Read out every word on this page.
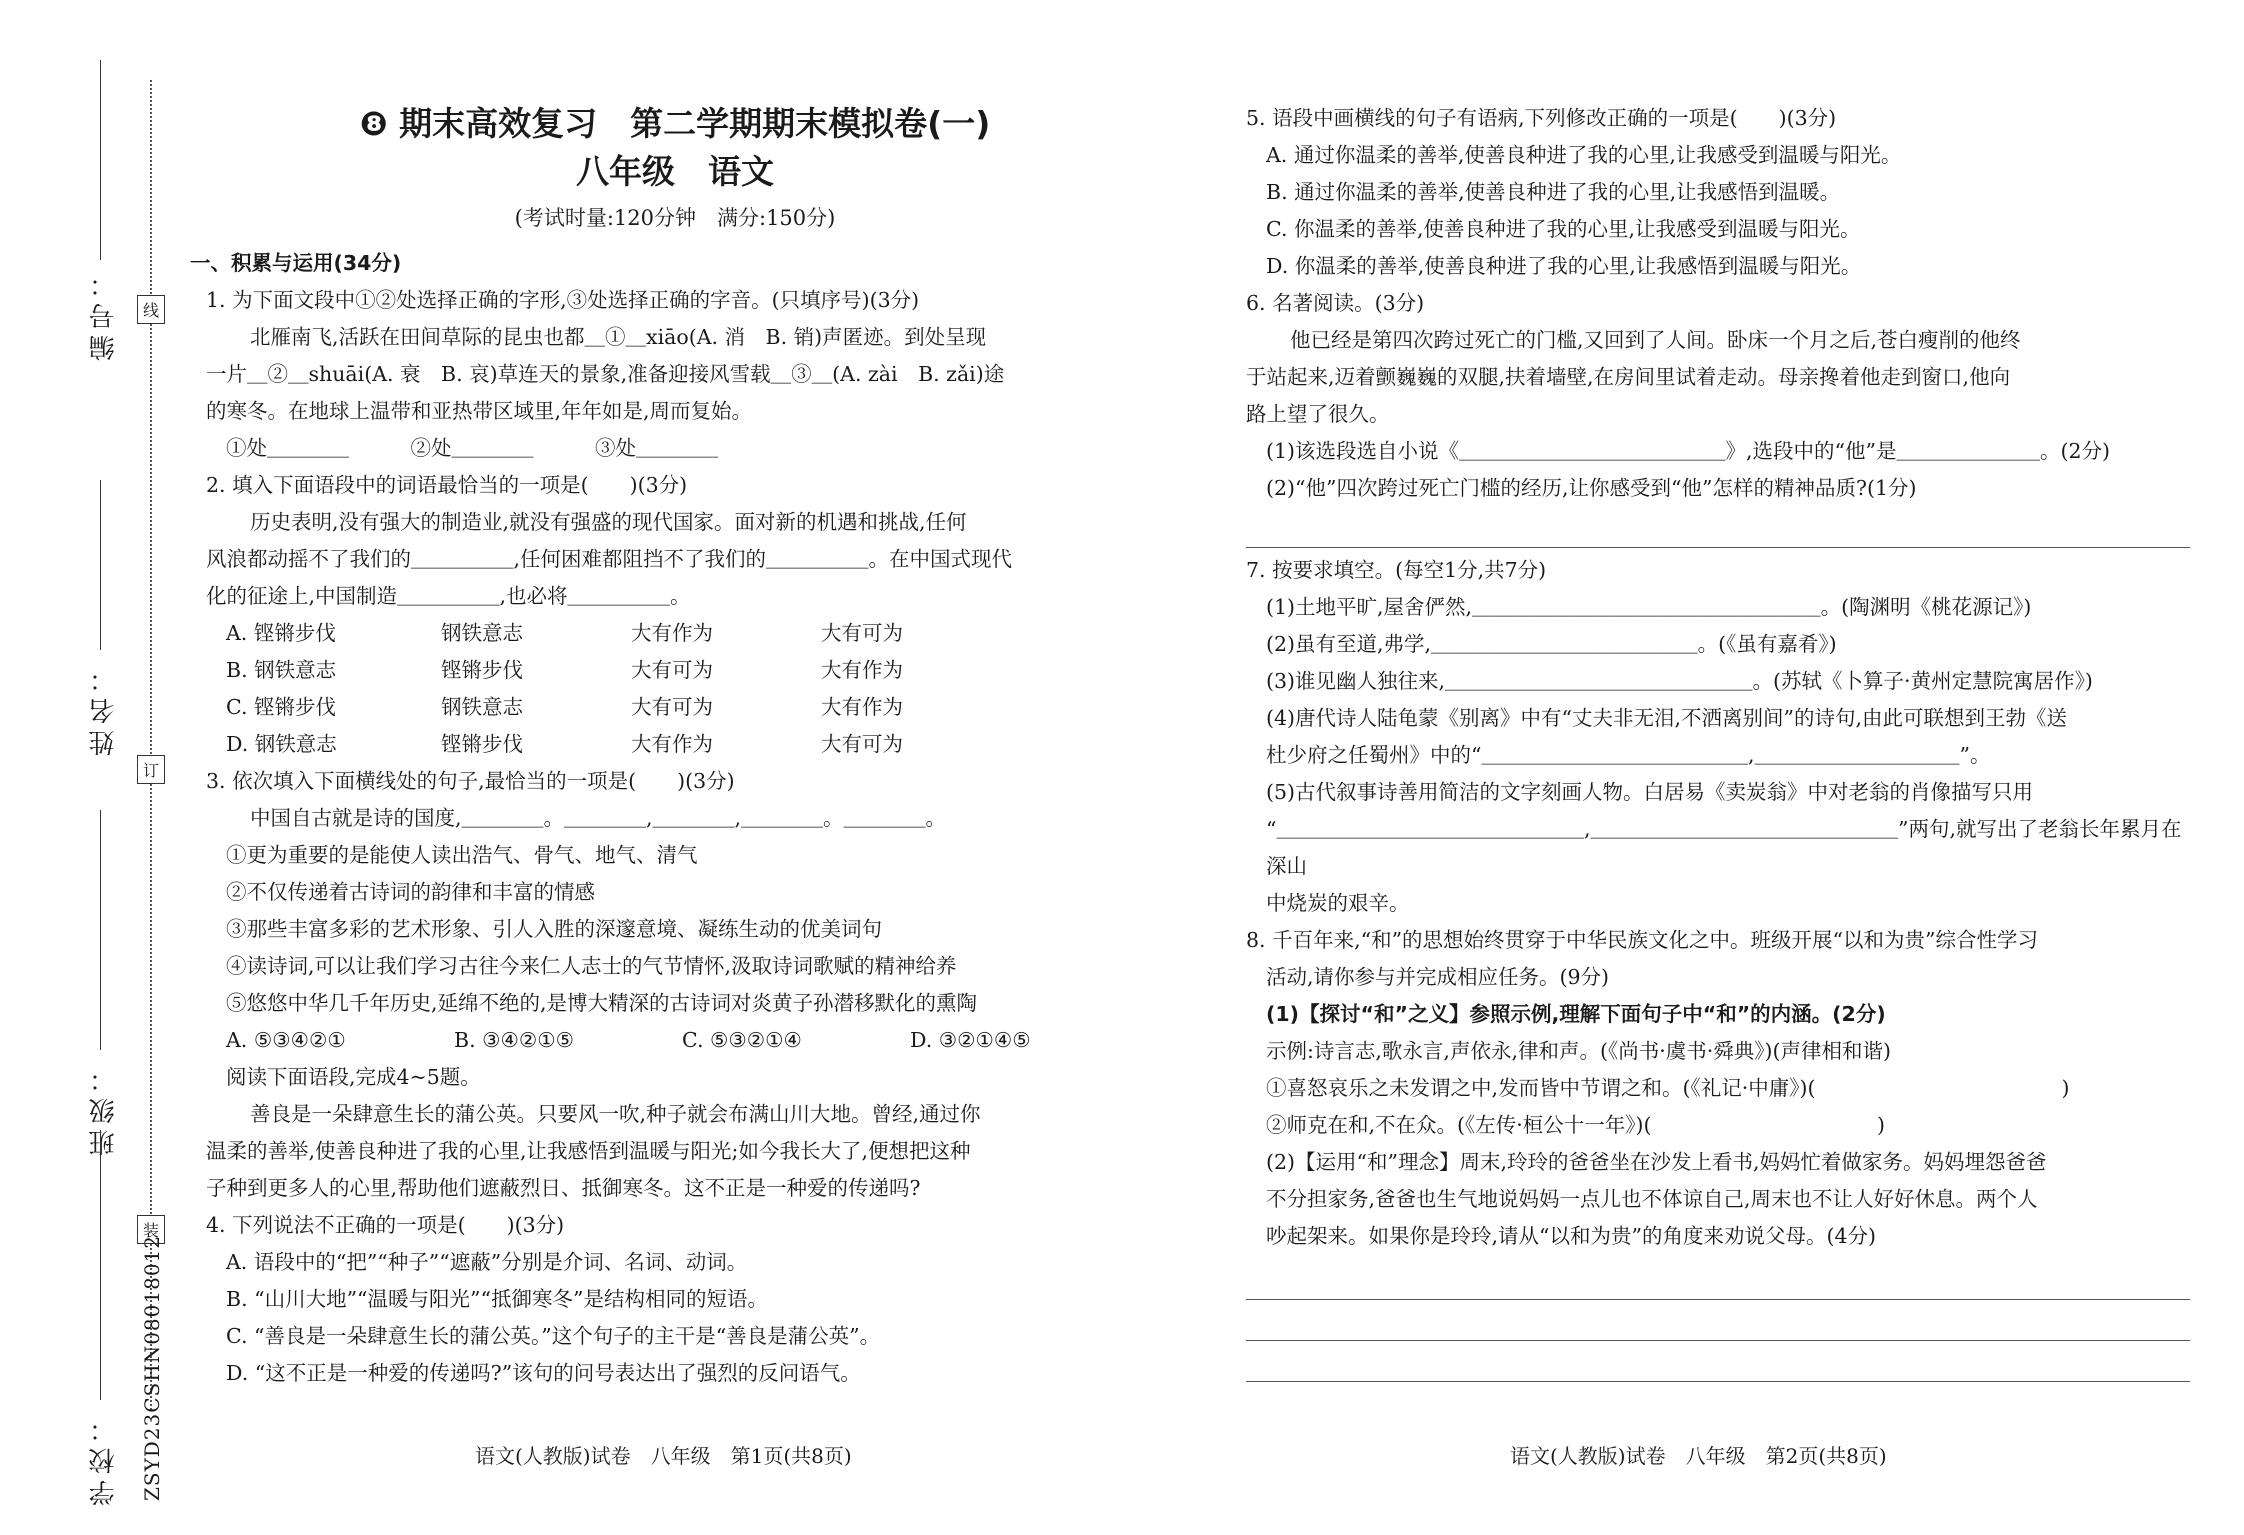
编号：
姓名：
班级：
学校：
线
订
装
ZSYD23CSHN08018012
❽ 期末高效复习　第二学期期末模拟卷(一)
八年级　语文
(考试时量:120分钟　满分:150分)
一、积累与运用(34分)
1. 为下面文段中①②处选择正确的字形,③处选择正确的字音。(只填序号)(3分)
北雁南飞,活跃在田间草际的昆虫也都＿①＿xiāo(A. 消　B. 销)声匿迹。到处呈现
一片＿②＿shuāi(A. 衰　B. 哀)草连天的景象,准备迎接风雪载＿③＿(A. zài　B. zǎi)途
的寒冬。在地球上温带和亚热带区域里,年年如是,周而复始。
①处＿＿＿＿　　　②处＿＿＿＿　　　③处＿＿＿＿
2. 填入下面语段中的词语最恰当的一项是(　　)(3分)
历史表明,没有强大的制造业,就没有强盛的现代国家。面对新的机遇和挑战,任何
风浪都动摇不了我们的＿＿＿＿＿,任何困难都阻挡不了我们的＿＿＿＿＿。在中国式现代
化的征途上,中国制造＿＿＿＿＿,也必将＿＿＿＿＿。
A. 铿锵步伐	钢铁意志	大有作为	大有可为
B. 钢铁意志	铿锵步伐	大有可为	大有作为
C. 铿锵步伐	钢铁意志	大有可为	大有作为
D. 钢铁意志	铿锵步伐	大有作为	大有可为
3. 依次填入下面横线处的句子,最恰当的一项是(　　)(3分)
中国自古就是诗的国度,＿＿＿＿。＿＿＿＿,＿＿＿＿,＿＿＿＿。＿＿＿＿。
①更为重要的是能使人读出浩气、骨气、地气、清气
②不仅传递着古诗词的韵律和丰富的情感
③那些丰富多彩的艺术形象、引人入胜的深邃意境、凝练生动的优美词句
④读诗词,可以让我们学习古往今来仁人志士的气节情怀,汲取诗词歌赋的精神给养
⑤悠悠中华几千年历史,延绵不绝的,是博大精深的古诗词对炎黄子孙潜移默化的熏陶
A. ⑤③④②①	B. ③④②①⑤	C. ⑤③②①④	D. ③②①④⑤
阅读下面语段,完成4~5题。
善良是一朵肆意生长的蒲公英。只要风一吹,种子就会布满山川大地。曾经,通过你
温柔的善举,使善良种进了我的心里,让我感悟到温暖与阳光;如今我长大了,便想把这种
子种到更多人的心里,帮助他们遮蔽烈日、抵御寒冬。这不正是一种爱的传递吗?
4. 下列说法不正确的一项是(　　)(3分)
A. 语段中的“把”“种子”“遮蔽”分别是介词、名词、动词。
B. “山川大地”“温暖与阳光”“抵御寒冬”是结构相同的短语。
C. “善良是一朵肆意生长的蒲公英。”这个句子的主干是“善良是蒲公英”。
D. “这不正是一种爱的传递吗?”该句的问号表达出了强烈的反问语气。
语文(人教版)试卷　八年级　第1页(共8页)
5. 语段中画横线的句子有语病,下列修改正确的一项是(　　)(3分)
A. 通过你温柔的善举,使善良种进了我的心里,让我感受到温暖与阳光。
B. 通过你温柔的善举,使善良种进了我的心里,让我感悟到温暖。
C. 你温柔的善举,使善良种进了我的心里,让我感受到温暖与阳光。
D. 你温柔的善举,使善良种进了我的心里,让我感悟到温暖与阳光。
6. 名著阅读。(3分)
他已经是第四次跨过死亡的门槛,又回到了人间。卧床一个月之后,苍白瘦削的他终
于站起来,迈着颤巍巍的双腿,扶着墙壁,在房间里试着走动。母亲搀着他走到窗口,他向
路上望了很久。
(1)该选段选自小说《＿＿＿＿＿＿＿＿＿＿＿＿＿》,选段中的“他”是＿＿＿＿＿＿＿。(2分)
(2)“他”四次跨过死亡门槛的经历,让你感受到“他”怎样的精神品质?(1分)
7. 按要求填空。(每空1分,共7分)
(1)土地平旷,屋舍俨然,＿＿＿＿＿＿＿＿＿＿＿＿＿＿＿＿＿。(陶渊明《桃花源记》)
(2)虽有至道,弗学,＿＿＿＿＿＿＿＿＿＿＿＿＿。(《虽有嘉肴》)
(3)谁见幽人独往来,＿＿＿＿＿＿＿＿＿＿＿＿＿＿＿。(苏轼《卜算子·黄州定慧院寓居作》)
(4)唐代诗人陆龟蒙《别离》中有“丈夫非无泪,不洒离别间”的诗句,由此可联想到王勃《送
杜少府之任蜀州》中的“＿＿＿＿＿＿＿＿＿＿＿＿＿,＿＿＿＿＿＿＿＿＿＿”。
(5)古代叙事诗善用简洁的文字刻画人物。白居易《卖炭翁》中对老翁的肖像描写只用
“＿＿＿＿＿＿＿＿＿＿＿＿＿＿＿,＿＿＿＿＿＿＿＿＿＿＿＿＿＿＿”两句,就写出了老翁长年累月在深山
中烧炭的艰辛。
8. 千百年来,“和”的思想始终贯穿于中华民族文化之中。班级开展“以和为贵”综合性学习
活动,请你参与并完成相应任务。(9分)
(1)【探讨“和”之义】参照示例,理解下面句子中“和”的内涵。(2分)
示例:诗言志,歌永言,声依永,律和声。(《尚书·虞书·舜典》)(声律相和谐)
①喜怒哀乐之未发谓之中,发而皆中节谓之和。(《礼记·中庸》)(　　　　　　　　　　　　)
②师克在和,不在众。(《左传·桓公十一年》)(　　　　　　　　　　　)
(2)【运用“和”理念】周末,玲玲的爸爸坐在沙发上看书,妈妈忙着做家务。妈妈埋怨爸爸
不分担家务,爸爸也生气地说妈妈一点儿也不体谅自己,周末也不让人好好休息。两个人
吵起架来。如果你是玲玲,请从“以和为贵”的角度来劝说父母。(4分)
语文(人教版)试卷　八年级　第2页(共8页)
